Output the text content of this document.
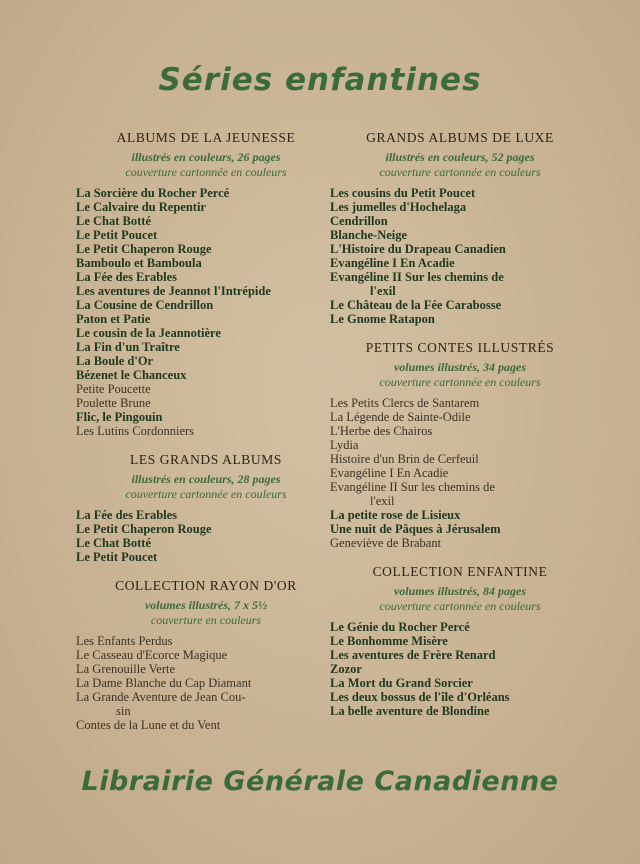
Séries enfantines
ALBUMS DE LA JEUNESSE
illustrés en couleurs, 26 pages
couverture cartonnée en couleurs
La Sorcière du Rocher Percé
Le Calvaire du Repentir
Le Chat Botté
Le Petit Poucet
Le Petit Chaperon Rouge
Bamboulo et Bamboula
La Fée des Erables
Les aventures de Jeannot l'Intrépide
La Cousine de Cendrillon
Paton et Patie
Le cousin de la Jeannotière
La Fin d'un Traître
La Boule d'Or
Bézenet le Chanceux
Petite Poucette
Poulette Brune
Flic, le Pingouin
Les Lutins Cordonniers
LES GRANDS ALBUMS
illustrés en couleurs, 28 pages
couverture cartonnée en couleurs
La Fée des Erables
Le Petit Chaperon Rouge
Le Chat Botté
Le Petit Poucet
COLLECTION RAYON D'OR
volumes illustrés, 7 x 5½
couverture en couleurs
Les Enfants Perdus
Le Casseau d'Ecorce Magique
La Grenouille Verte
La Dame Blanche du Cap Diamant
La Grande Aventure de Jean Cou-
sin
Contes de la Lune et du Vent
GRANDS ALBUMS DE LUXE
illustrés en couleurs, 52 pages
couverture cartonnée en couleurs
Les cousins du Petit Poucet
Les jumelles d'Hochelaga
Cendrillon
Blanche-Neige
L'Histoire du Drapeau Canadien
Evangéline I En Acadie
Evangéline II Sur les chemins de
l'exil
Le Château de la Fée Carabosse
Le Gnome Ratapon
PETITS CONTES ILLUSTRÉS
volumes illustrés, 34 pages
couverture cartonnée en couleurs
Les Petits Clercs de Santarem
La Légende de Sainte-Odile
L'Herbe des Chairos
Lydia
Histoire d'un Brin de Cerfeuil
Evangéline I En Acadie
Evangéline II Sur les chemins de
l'exil
La petite rose de Lisieux
Une nuit de Pâques à Jérusalem
Geneviève de Brabant
COLLECTION ENFANTINE
volumes illustrés, 84 pages
couverture cartonnée en couleurs
Le Génie du Rocher Percé
Le Bonhomme Misère
Les aventures de Frère Renard
Zozor
La Mort du Grand Sorcier
Les deux bossus de l'île d'Orléans
La belle aventure de Blondine
Librairie Générale Canadienne
